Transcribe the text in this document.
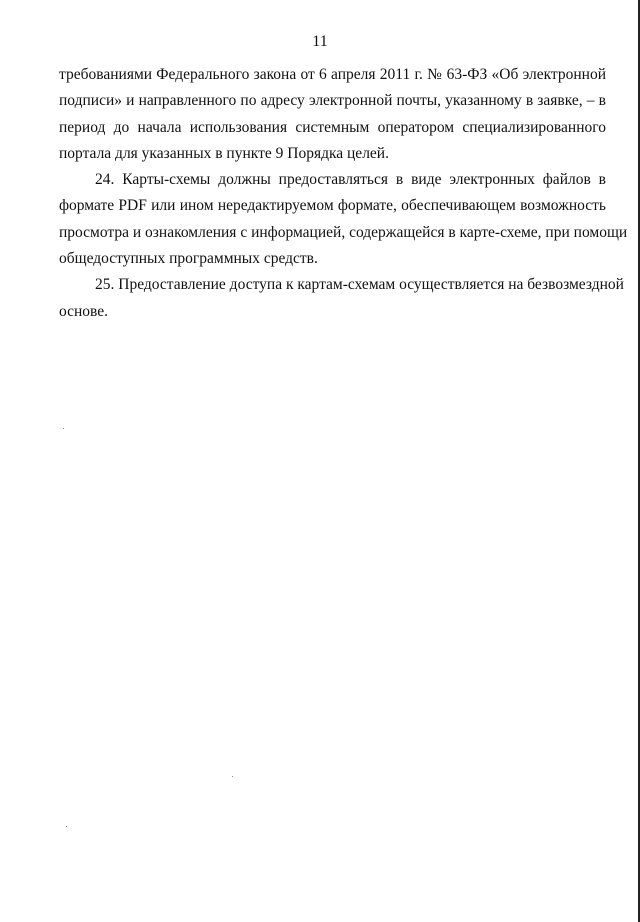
11
требованиями Федерального закона от 6 апреля 2011 г. № 63-ФЗ «Об электронной
подписи» и направленного по адресу электронной почты, указанному в заявке, – в
период до начала использования системным оператором специализированного
портала для указанных в пункте 9 Порядка целей.
24. Карты-схемы должны предоставляться в виде электронных файлов в
формате PDF или ином нередактируемом формате, обеспечивающем возможность
просмотра и ознакомления с информацией, содержащейся в карте-схеме, при помощи
общедоступных программных средств.
25. Предоставление доступа к картам-схемам осуществляется на безвозмездной
основе.
